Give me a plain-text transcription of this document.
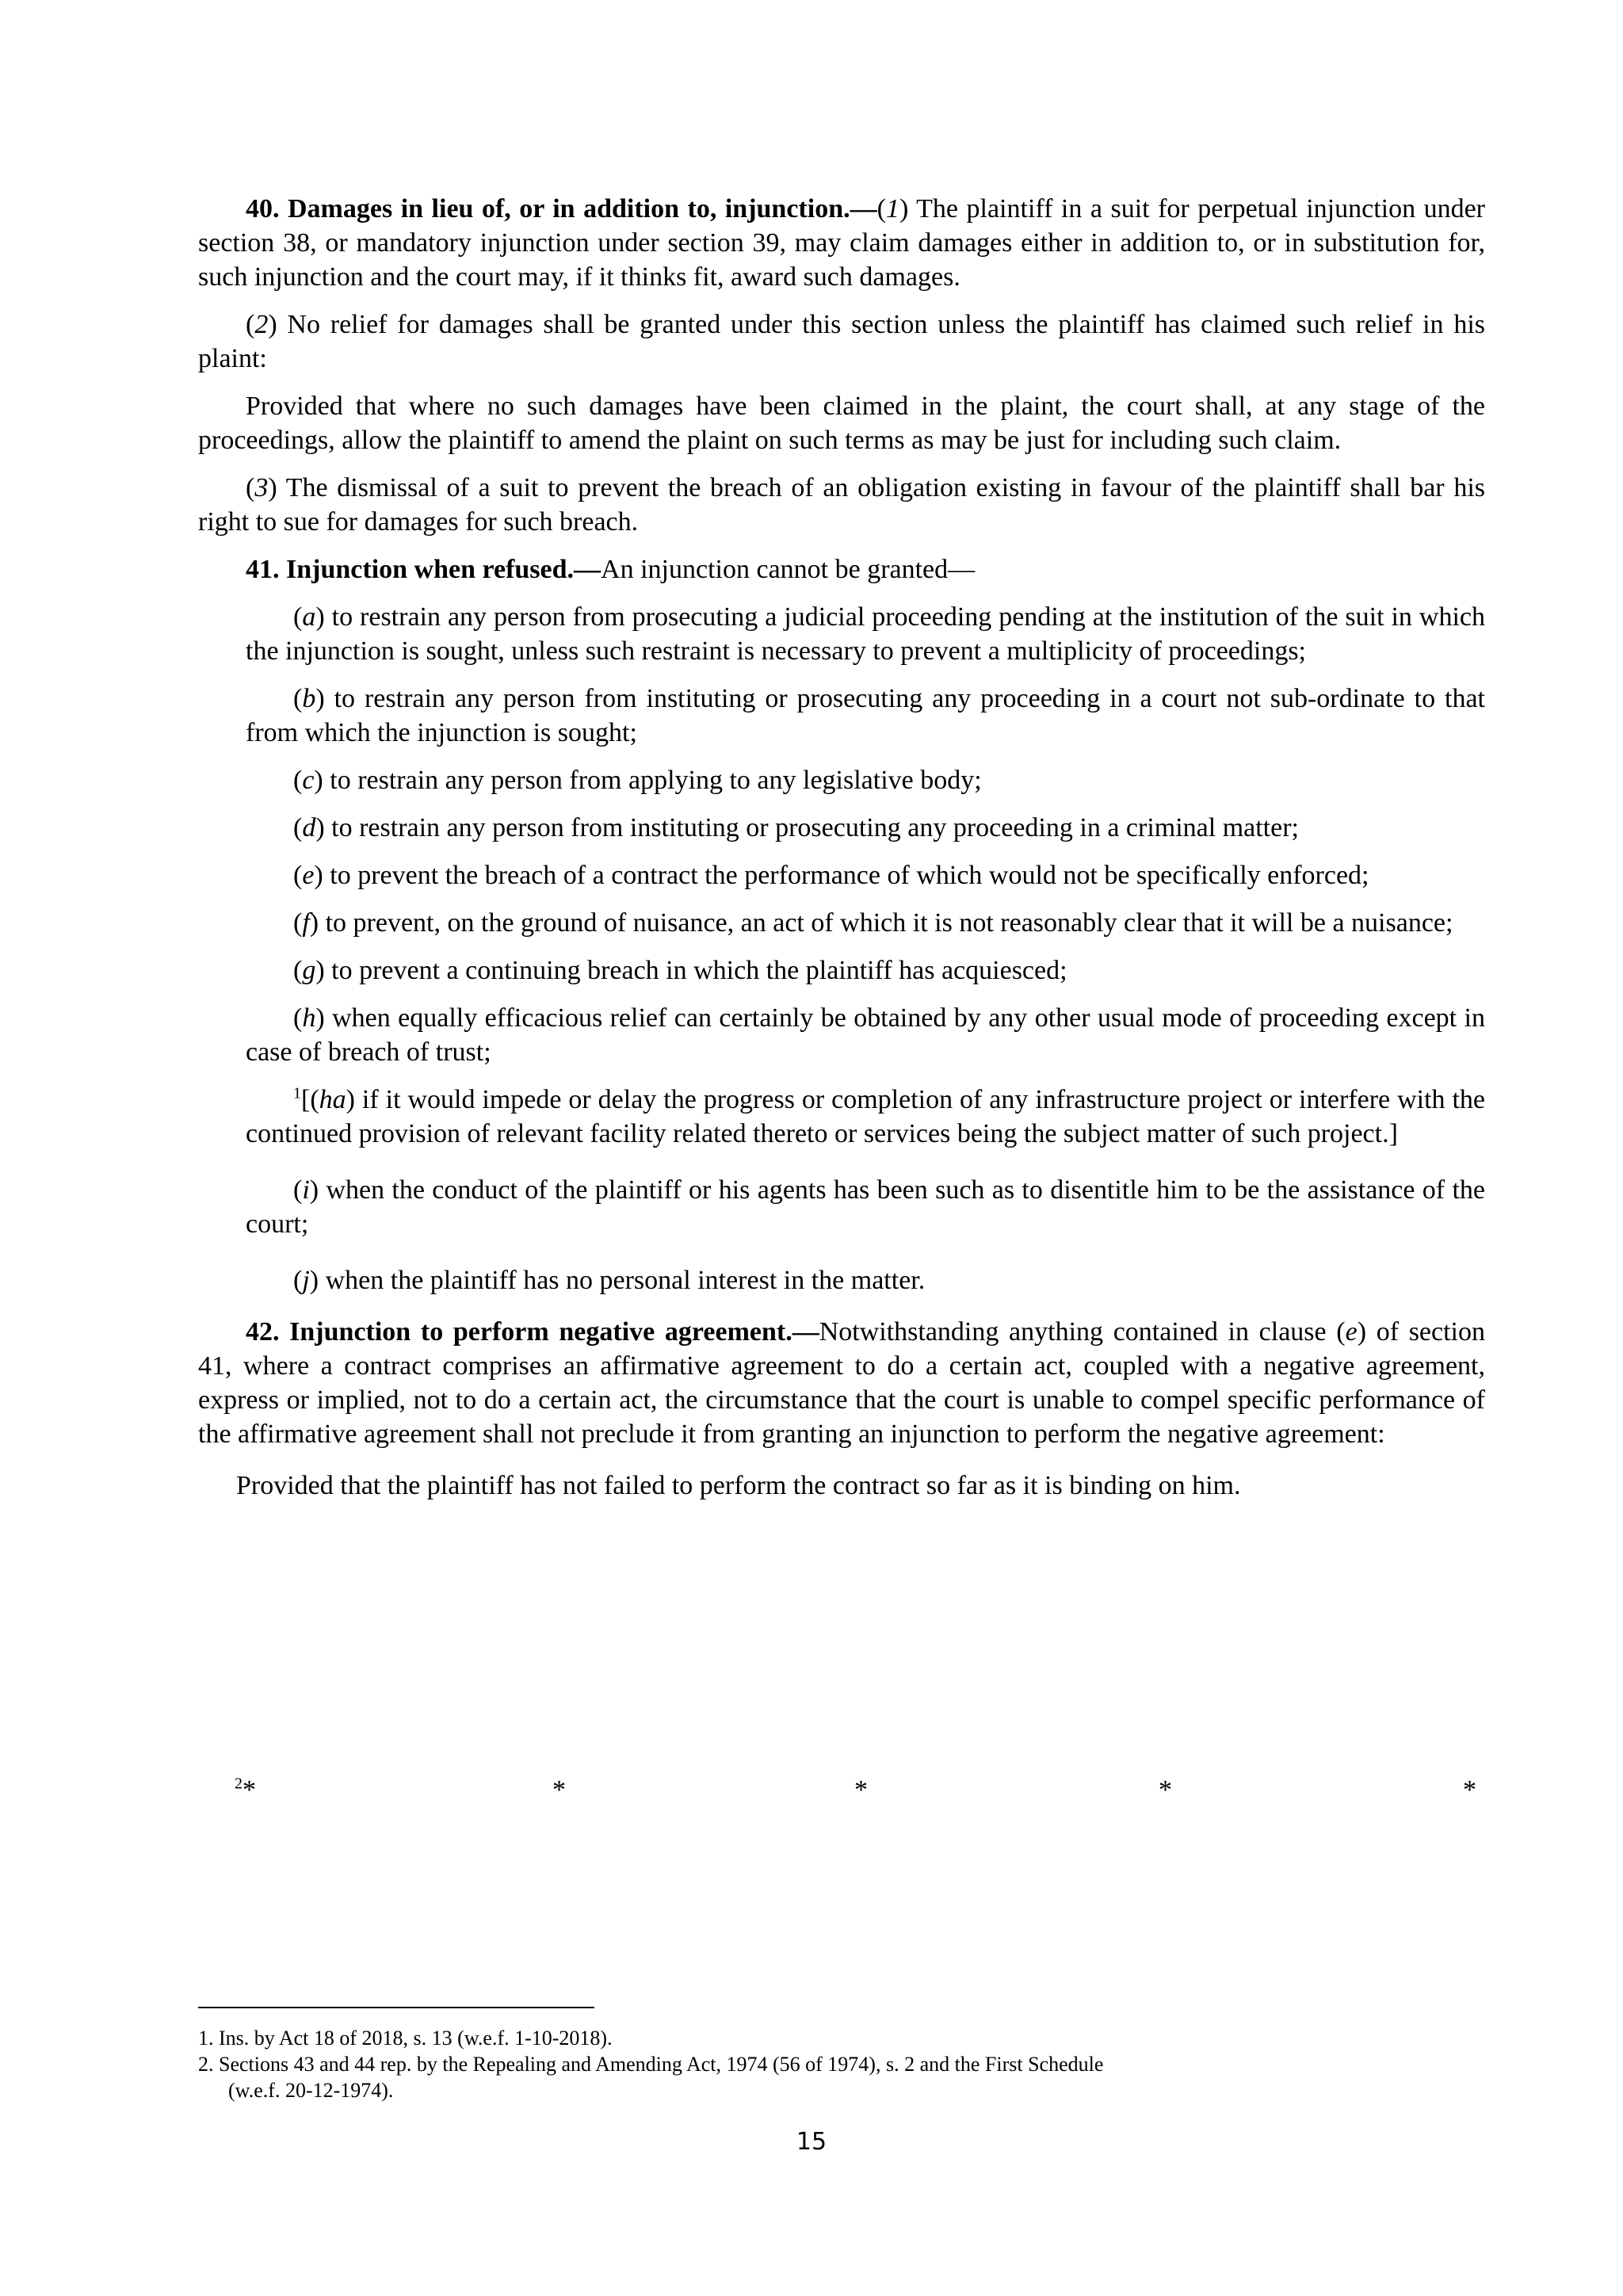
40. Damages in lieu of, or in addition to, injunction.—(1) The plaintiff in a suit for perpetual injunction under section 38, or mandatory injunction under section 39, may claim damages either in addition to, or in substitution for, such injunction and the court may, if it thinks fit, award such damages.

(2) No relief for damages shall be granted under this section unless the plaintiff has claimed such relief in his plaint:

Provided that where no such damages have been claimed in the plaint, the court shall, at any stage of the proceedings, allow the plaintiff to amend the plaint on such terms as may be just for including such claim.

(3) The dismissal of a suit to prevent the breach of an obligation existing in favour of the plaintiff shall bar his right to sue for damages for such breach.

41. Injunction when refused.—An injunction cannot be granted—

(a) to restrain any person from prosecuting a judicial proceeding pending at the institution of the suit in which the injunction is sought, unless such restraint is necessary to prevent a multiplicity of proceedings;

(b) to restrain any person from instituting or prosecuting any proceeding in a court not sub-ordinate to that from which the injunction is sought;

(c) to restrain any person from applying to any legislative body;

(d) to restrain any person from instituting or prosecuting any proceeding in a criminal matter;

(e) to prevent the breach of a contract the performance of which would not be specifically enforced;

(f) to prevent, on the ground of nuisance, an act of which it is not reasonably clear that it will be a nuisance;

(g) to prevent a continuing breach in which the plaintiff has acquiesced;

(h) when equally efficacious relief can certainly be obtained by any other usual mode of proceeding except in case of breach of trust;

$^1$[(ha) if it would impede or delay the progress or completion of any infrastructure project or interfere with the continued provision of relevant facility related thereto or services being the subject matter of such project.]

(i) when the conduct of the plaintiff or his agents has been such as to disentitle him to be the assistance of the court;

(j) when the plaintiff has no personal interest in the matter.

42. Injunction to perform negative agreement.—Notwithstanding anything contained in clause (e) of section 41, where a contract comprises an affirmative agreement to do a certain act, coupled with a negative agreement, express or implied, not to do a certain act, the circumstance that the court is unable to compel specific performance of the affirmative agreement shall not preclude it from granting an injunction to perform the negative agreement:

Provided that the plaintiff has not failed to perform the contract so far as it is binding on him.

$^2$*	*	*	*	*

1. Ins. by Act 18 of 2018, s. 13 (w.e.f. 1-10-2018).

2. Sections 43 and 44 rep. by the Repealing and Amending Act, 1974 (56 of 1974), s. 2 and the First Schedule

(w.e.f. 20-12-1974).

15
